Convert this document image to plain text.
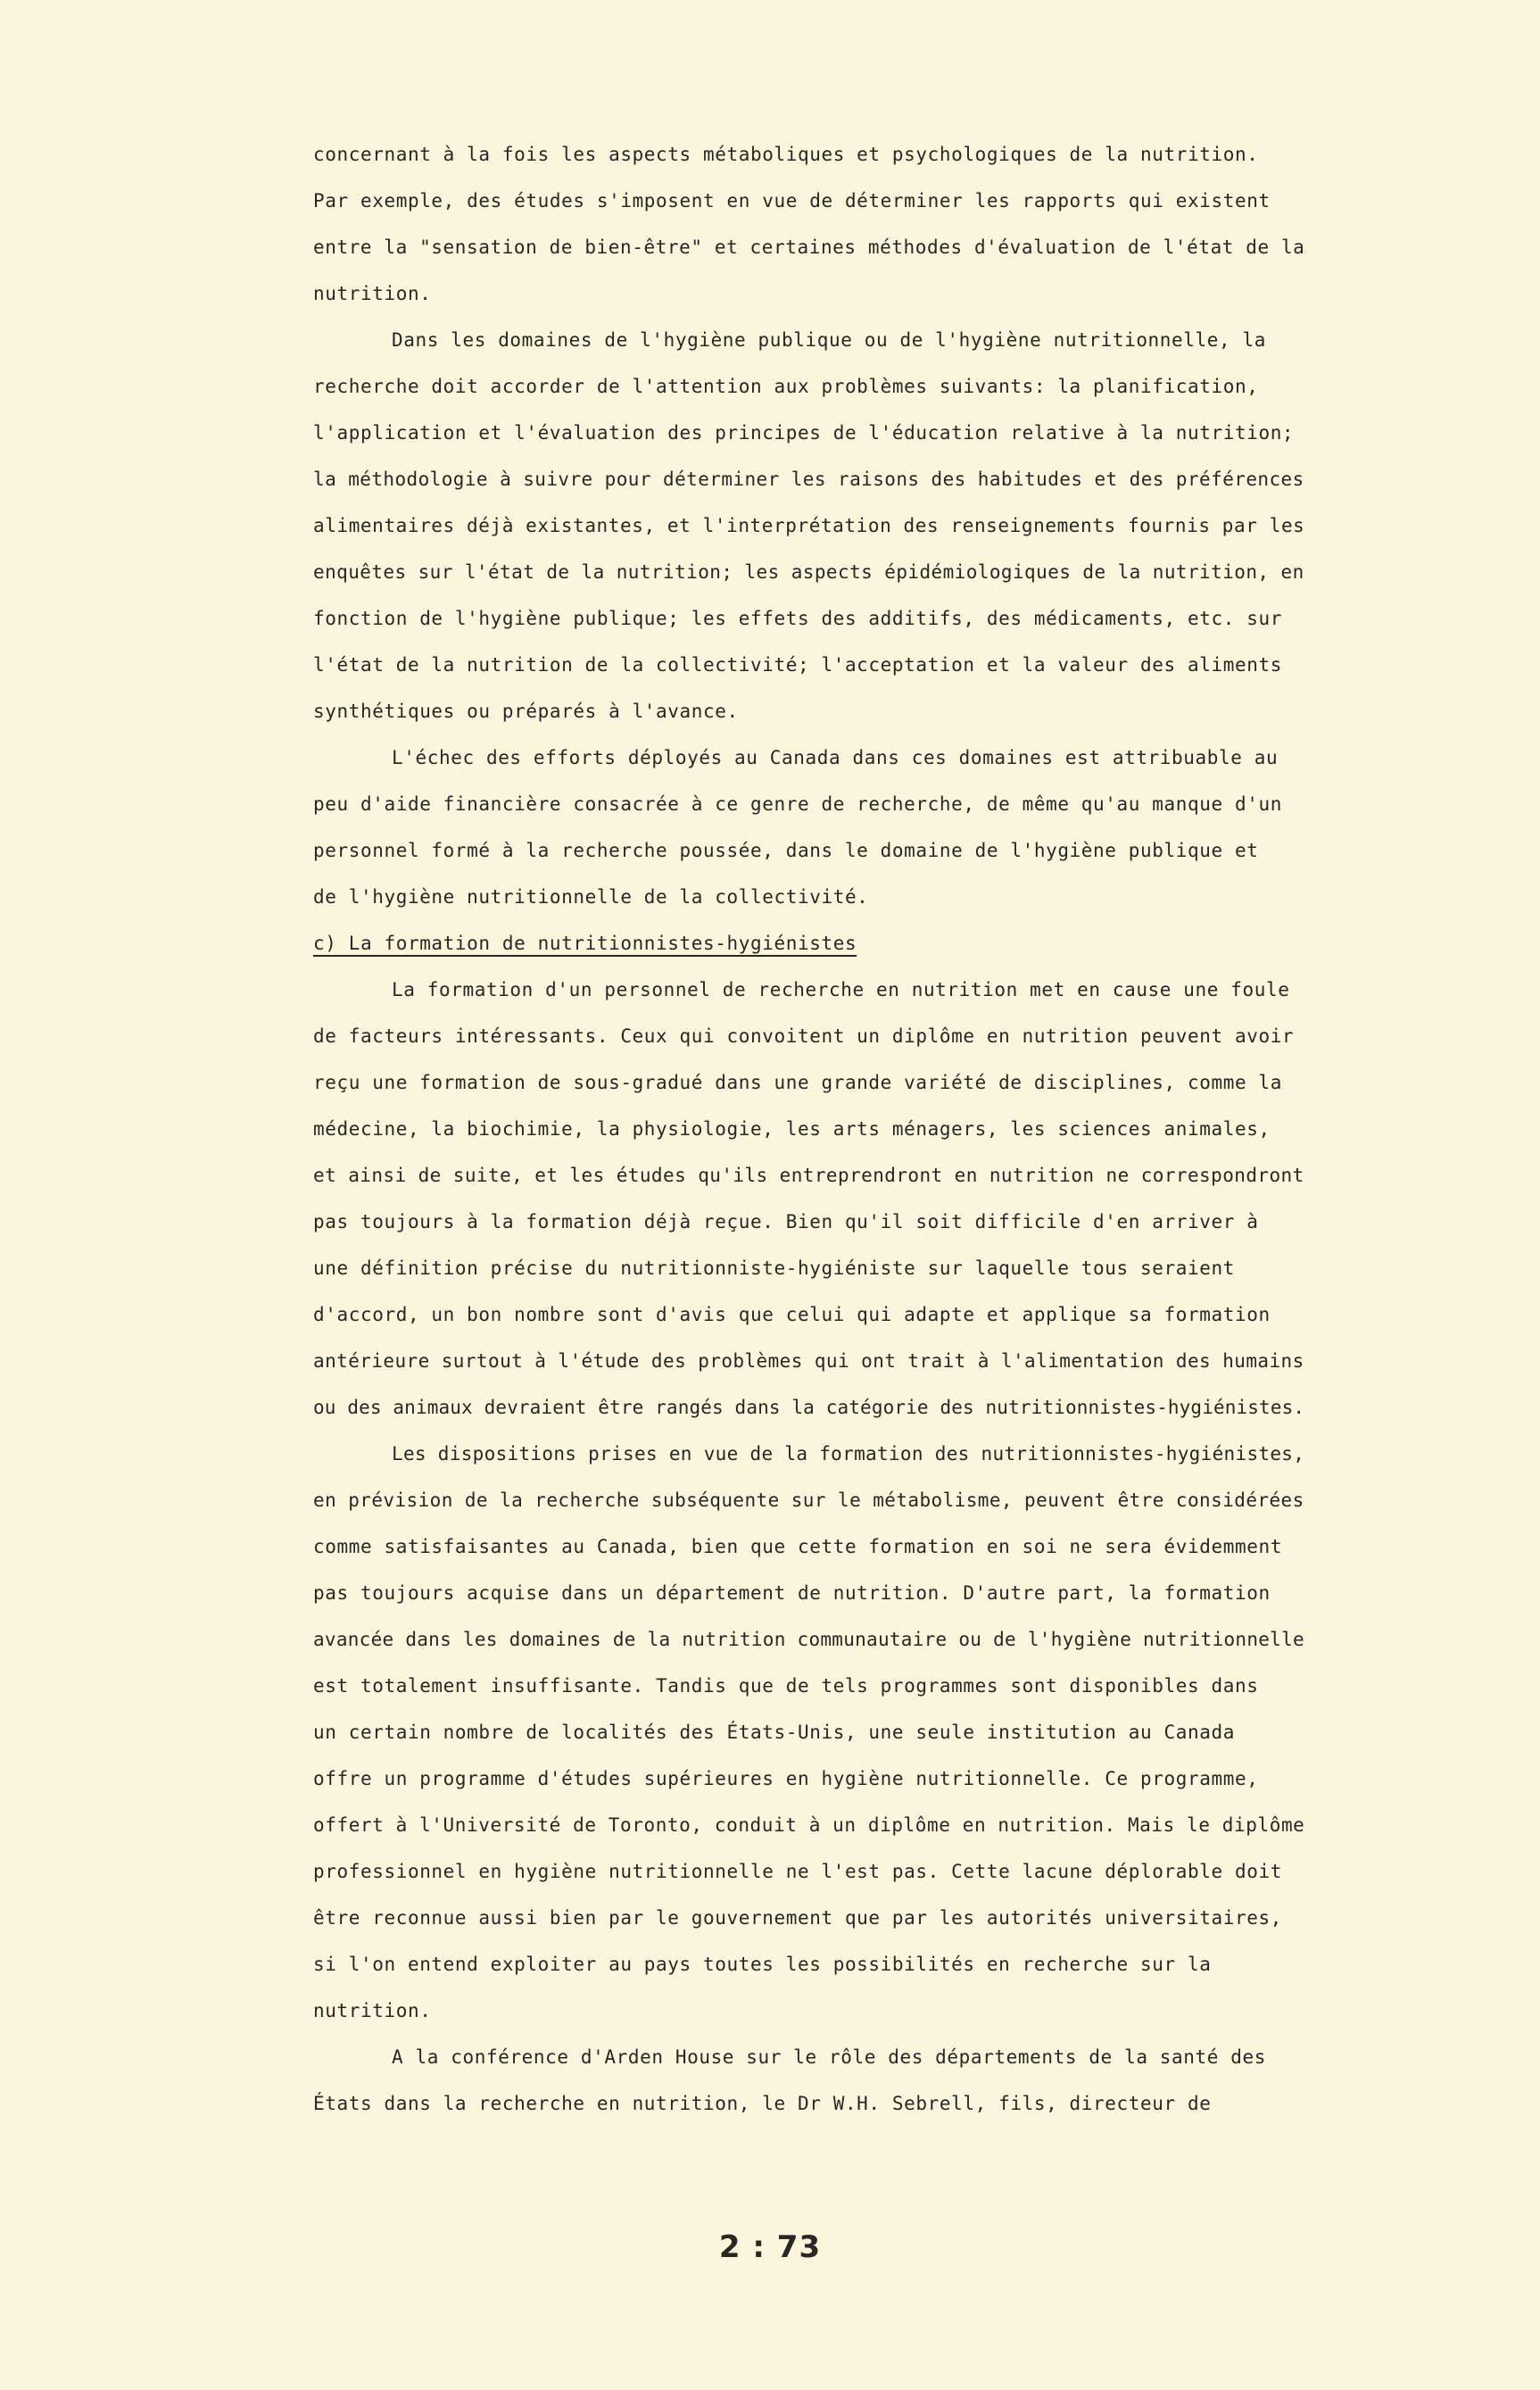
concernant à la fois les aspects métaboliques et psychologiques de la nutrition.
Par exemple, des études s'imposent en vue de déterminer les rapports qui existent
entre la "sensation de bien-être" et certaines méthodes d'évaluation de l'état de la
nutrition.
Dans les domaines de l'hygiène publique ou de l'hygiène nutritionnelle, la
recherche doit accorder de l'attention aux problèmes suivants: la planification,
l'application et l'évaluation des principes de l'éducation relative à la nutrition;
la méthodologie à suivre pour déterminer les raisons des habitudes et des préférences
alimentaires déjà existantes, et l'interprétation des renseignements fournis par les
enquêtes sur l'état de la nutrition; les aspects épidémiologiques de la nutrition, en
fonction de l'hygiène publique; les effets des additifs, des médicaments, etc. sur
l'état de la nutrition de la collectivité; l'acceptation et la valeur des aliments
synthétiques ou préparés à l'avance.
L'échec des efforts déployés au Canada dans ces domaines est attribuable au
peu d'aide financière consacrée à ce genre de recherche, de même qu'au manque d'un
personnel formé à la recherche poussée, dans le domaine de l'hygiène publique et
de l'hygiène nutritionnelle de la collectivité.
c) La formation de nutritionnistes-hygiénistes
La formation d'un personnel de recherche en nutrition met en cause une foule
de facteurs intéressants. Ceux qui convoitent un diplôme en nutrition peuvent avoir
reçu une formation de sous-gradué dans une grande variété de disciplines, comme la
médecine, la biochimie, la physiologie, les arts ménagers, les sciences animales,
et ainsi de suite, et les études qu'ils entreprendront en nutrition ne correspondront
pas toujours à la formation déjà reçue. Bien qu'il soit difficile d'en arriver à
une définition précise du nutritionniste-hygiéniste sur laquelle tous seraient
d'accord, un bon nombre sont d'avis que celui qui adapte et applique sa formation
antérieure surtout à l'étude des problèmes qui ont trait à l'alimentation des humains
ou des animaux devraient être rangés dans la catégorie des nutritionnistes-hygiénistes.
Les dispositions prises en vue de la formation des nutritionnistes-hygiénistes,
en prévision de la recherche subséquente sur le métabolisme, peuvent être considérées
comme satisfaisantes au Canada, bien que cette formation en soi ne sera évidemment
pas toujours acquise dans un département de nutrition. D'autre part, la formation
avancée dans les domaines de la nutrition communautaire ou de l'hygiène nutritionnelle
est totalement insuffisante. Tandis que de tels programmes sont disponibles dans
un certain nombre de localités des États-Unis, une seule institution au Canada
offre un programme d'études supérieures en hygiène nutritionnelle. Ce programme,
offert à l'Université de Toronto, conduit à un diplôme en nutrition. Mais le diplôme
professionnel en hygiène nutritionnelle ne l'est pas. Cette lacune déplorable doit
être reconnue aussi bien par le gouvernement que par les autorités universitaires,
si l'on entend exploiter au pays toutes les possibilités en recherche sur la
nutrition.
A la conférence d'Arden House sur le rôle des départements de la santé des
États dans la recherche en nutrition, le Dr W.H. Sebrell, fils, directeur de
2 : 73
